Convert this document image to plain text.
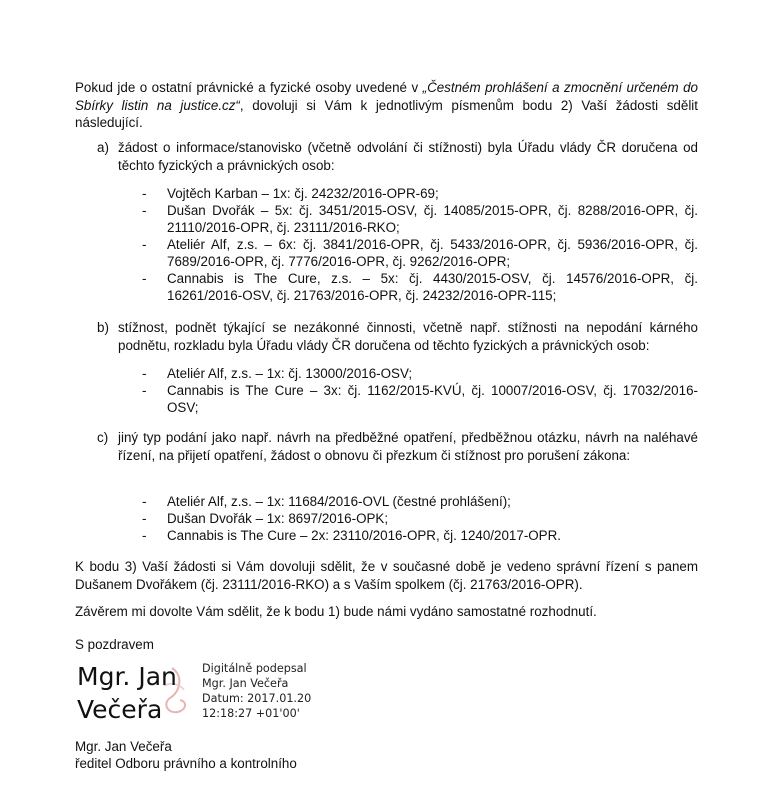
Pokud jde o ostatní právnické a fyzické osoby uvedené v „Čestném prohlášení a zmocnění určeném do Sbírky listin na justice.cz“, dovoluji si Vám k jednotlivým písmenům bodu 2) Vaší žádosti sdělit následující.

a) žádost o informace/stanovisko (včetně odvolání či stížnosti) byla Úřadu vlády ČR doručena od těchto fyzických a právnických osob:

- Vojtěch Karban – 1x: čj. 24232/2016-OPR-69;
- Dušan Dvořák – 5x: čj. 3451/2015-OSV, čj. 14085/2015-OPR, čj. 8288/2016-OPR, čj. 21110/2016-OPR, čj. 23111/2016-RKO;
- Ateliér Alf, z.s. – 6x: čj. 3841/2016-OPR, čj. 5433/2016-OPR, čj. 5936/2016-OPR, čj. 7689/2016-OPR, čj. 7776/2016-OPR, čj. 9262/2016-OPR;
- Cannabis is The Cure, z.s. – 5x: čj. 4430/2015-OSV, čj. 14576/2016-OPR, čj. 16261/2016-OSV, čj. 21763/2016-OPR, čj. 24232/2016-OPR-115;
b) stížnost, podnět týkající se nezákonné činnosti, včetně např. stížnosti na nepodání kárného podnětu, rozkladu byla Úřadu vlády ČR doručena od těchto fyzických a právnických osob:

- Ateliér Alf, z.s. – 1x: čj. 13000/2016-OSV;
- Cannabis is The Cure – 3x: čj. 1162/2015-KVÚ, čj. 10007/2016-OSV, čj. 17032/2016-OSV;
c) jiný typ podání jako např. návrh na předběžné opatření, předběžnou otázku, návrh na naléhavé řízení, na přijetí opatření, žádost o obnovu či přezkum či stížnost pro porušení zákona:

- Ateliér Alf, z.s. – 1x: 11684/2016-OVL (čestné prohlášení);
- Dušan Dvořák – 1x: 8697/2016-OPK;
- Cannabis is The Cure – 2x: 23110/2016-OPR, čj. 1240/2017-OPR.

K bodu 3) Vaší žádosti si Vám dovoluji sdělit, že v současné době je vedeno správní řízení s panem Dušanem Dvořákem (čj. 23111/2016-RKO) a s Vaším spolkem (čj. 21763/2016-OPR).

Závěrem mi dovolte Vám sdělit, že k bodu 1) bude námi vydáno samostatné rozhodnutí.

S pozdravem

Mgr. Jan
Večeřa
Digitálně podepsal
Mgr. Jan Večeřa
Datum: 2017.01.20
12:18:27 +01'00'
Mgr. Jan Večeřa
ředitel Odboru právního a kontrolního
